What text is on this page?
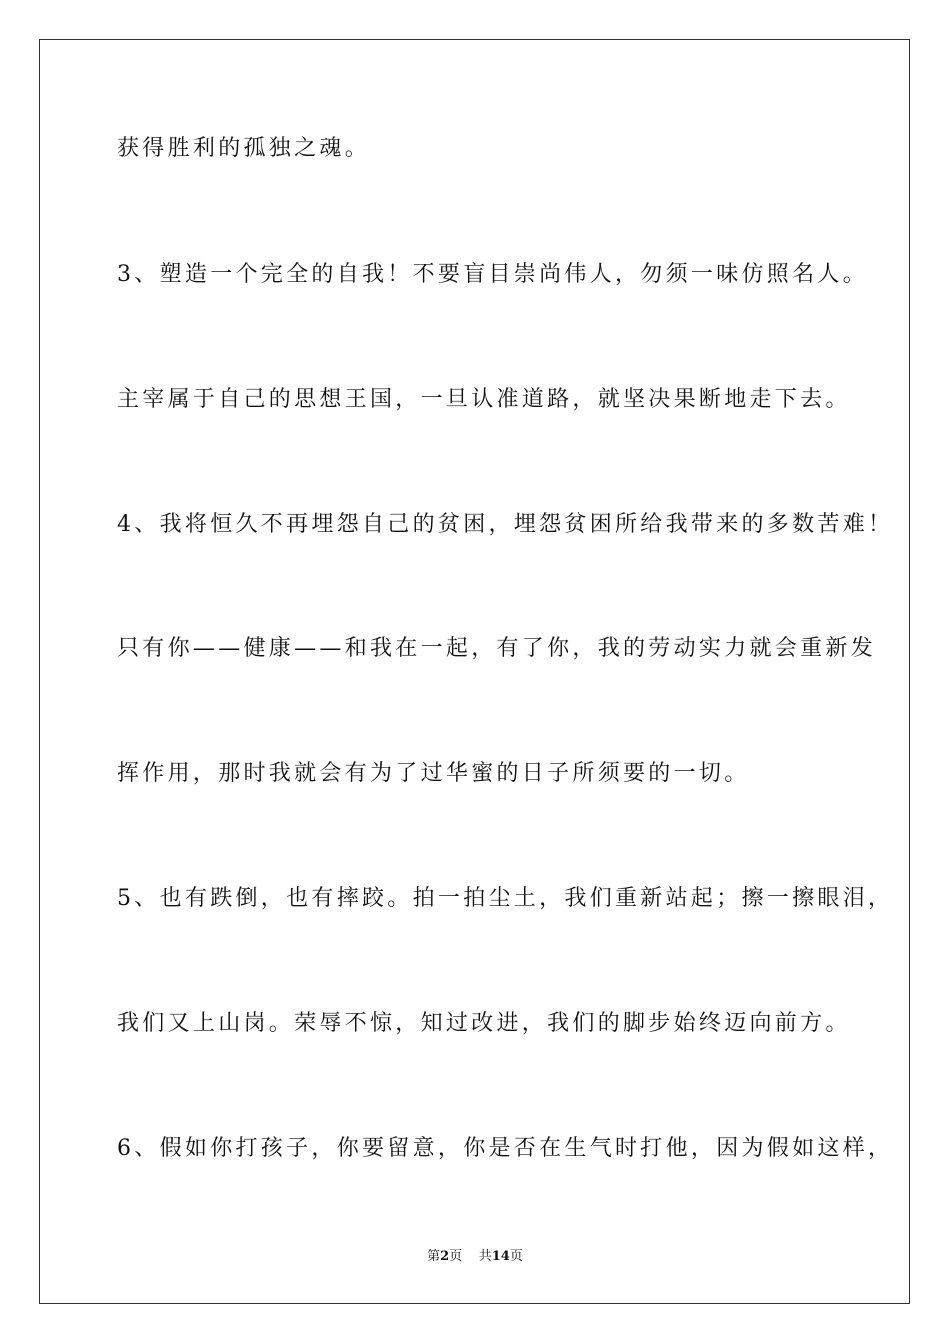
获得胜利的孤独之魂。
3、塑造一个完全的自我！不要盲目崇尚伟人，勿须一味仿照名人。
主宰属于自己的思想王国，一旦认准道路，就坚决果断地走下去。
4、我将恒久不再埋怨自己的贫困，埋怨贫困所给我带来的多数苦难！
只有你——健康——和我在一起，有了你，我的劳动实力就会重新发
挥作用，那时我就会有为了过华蜜的日子所须要的一切。
5、也有跌倒，也有摔跤。拍一拍尘土，我们重新站起；擦一擦眼泪，
我们又上山岗。荣辱不惊，知过改进，我们的脚步始终迈向前方。
6、假如你打孩子，你要留意，你是否在生气时打他，因为假如这样，
第2页 共14页
